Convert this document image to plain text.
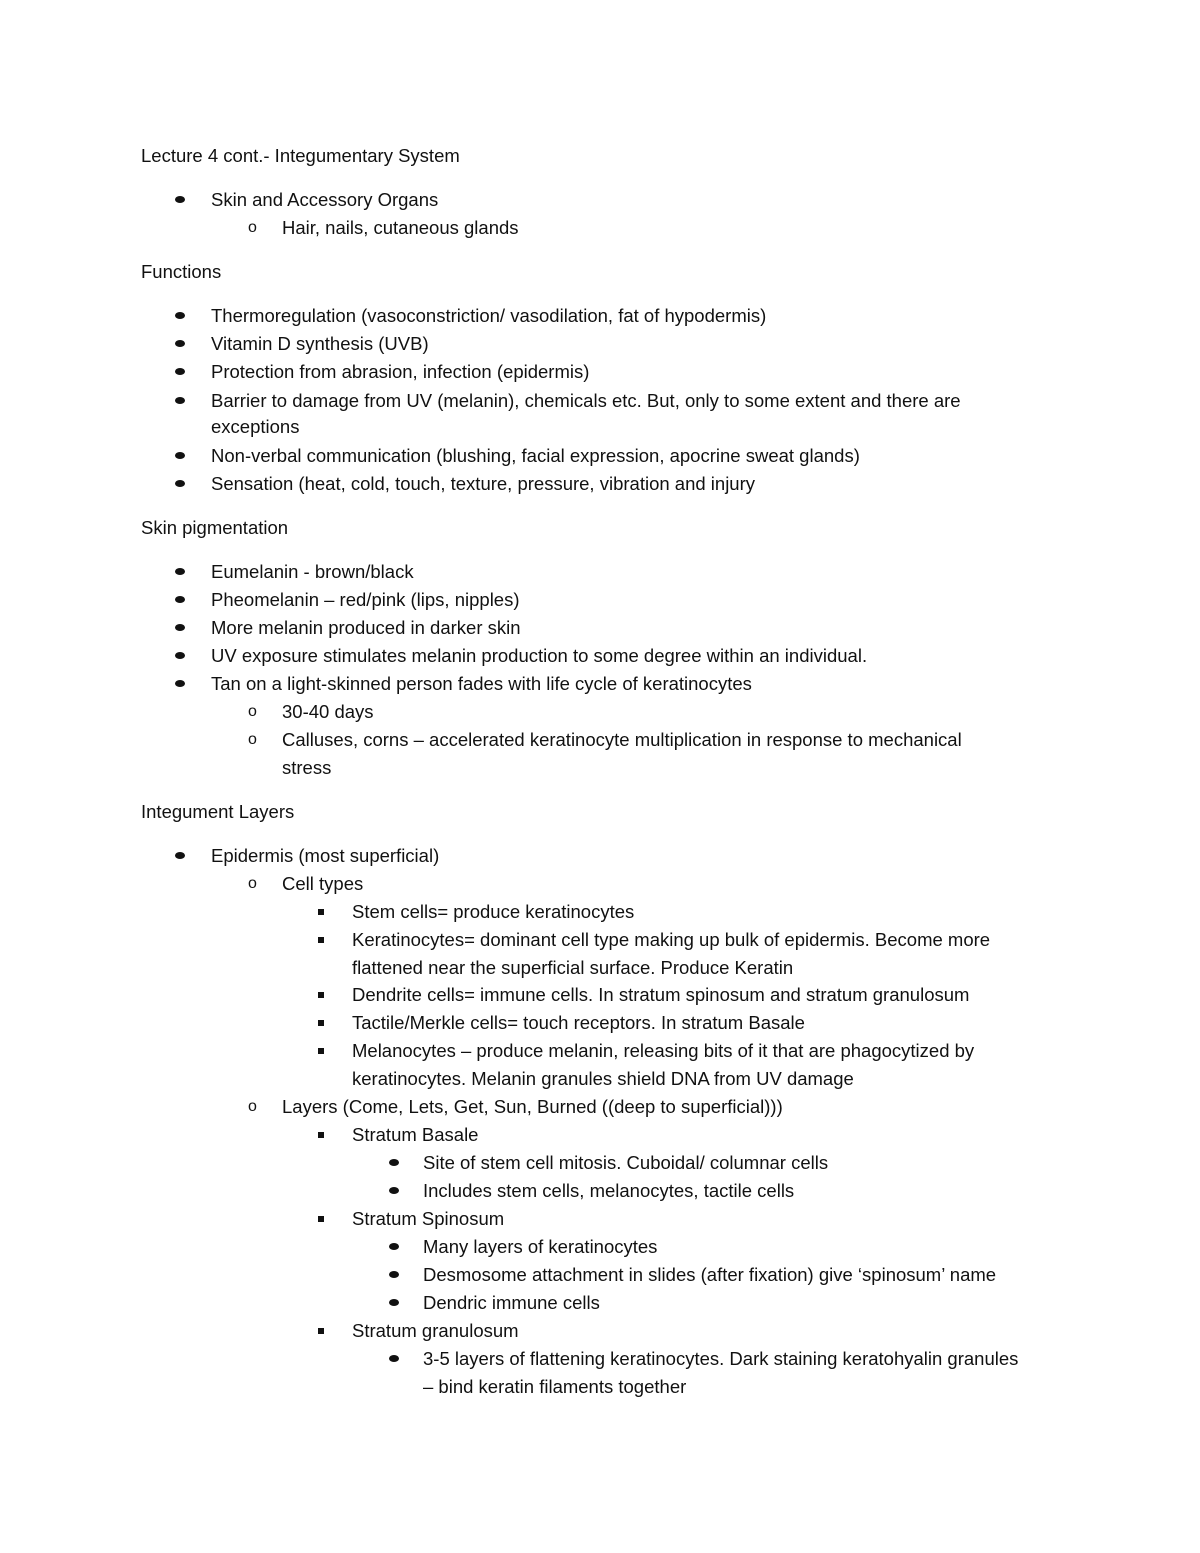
Lecture 4 cont.- Integumentary System
Skin and Accessory Organs
o Hair, nails, cutaneous glands
Functions
Thermoregulation (vasoconstriction/ vasodilation, fat of hypodermis)
Vitamin D synthesis (UVB)
Protection from abrasion, infection (epidermis)
Barrier to damage from UV (melanin), chemicals etc. But, only to some extent and there are
exceptions
Non-verbal communication (blushing, facial expression, apocrine sweat glands)
Sensation (heat, cold, touch, texture, pressure, vibration and injury
Skin pigmentation
Eumelanin - brown/black
Pheomelanin – red/pink (lips, nipples)
More melanin produced in darker skin
UV exposure stimulates melanin production to some degree within an individual.
Tan on a light-skinned person fades with life cycle of keratinocytes
o 30-40 days
o Calluses, corns – accelerated keratinocyte multiplication in response to mechanical
stress
Integument Layers
Epidermis (most superficial)
o Cell types
Stem cells= produce keratinocytes
Keratinocytes= dominant cell type making up bulk of epidermis. Become more
flattened near the superficial surface. Produce Keratin
Dendrite cells= immune cells. In stratum spinosum and stratum granulosum
Tactile/Merkle cells= touch receptors. In stratum Basale
Melanocytes – produce melanin, releasing bits of it that are phagocytized by
keratinocytes. Melanin granules shield DNA from UV damage
o Layers (Come, Lets, Get, Sun, Burned ((deep to superficial)))
Stratum Basale
Site of stem cell mitosis. Cuboidal/ columnar cells
Includes stem cells, melanocytes, tactile cells
Stratum Spinosum
Many layers of keratinocytes
Desmosome attachment in slides (after fixation) give ‘spinosum’ name
Dendric immune cells
Stratum granulosum
3-5 layers of flattening keratinocytes. Dark staining keratohyalin granules
– bind keratin filaments together
